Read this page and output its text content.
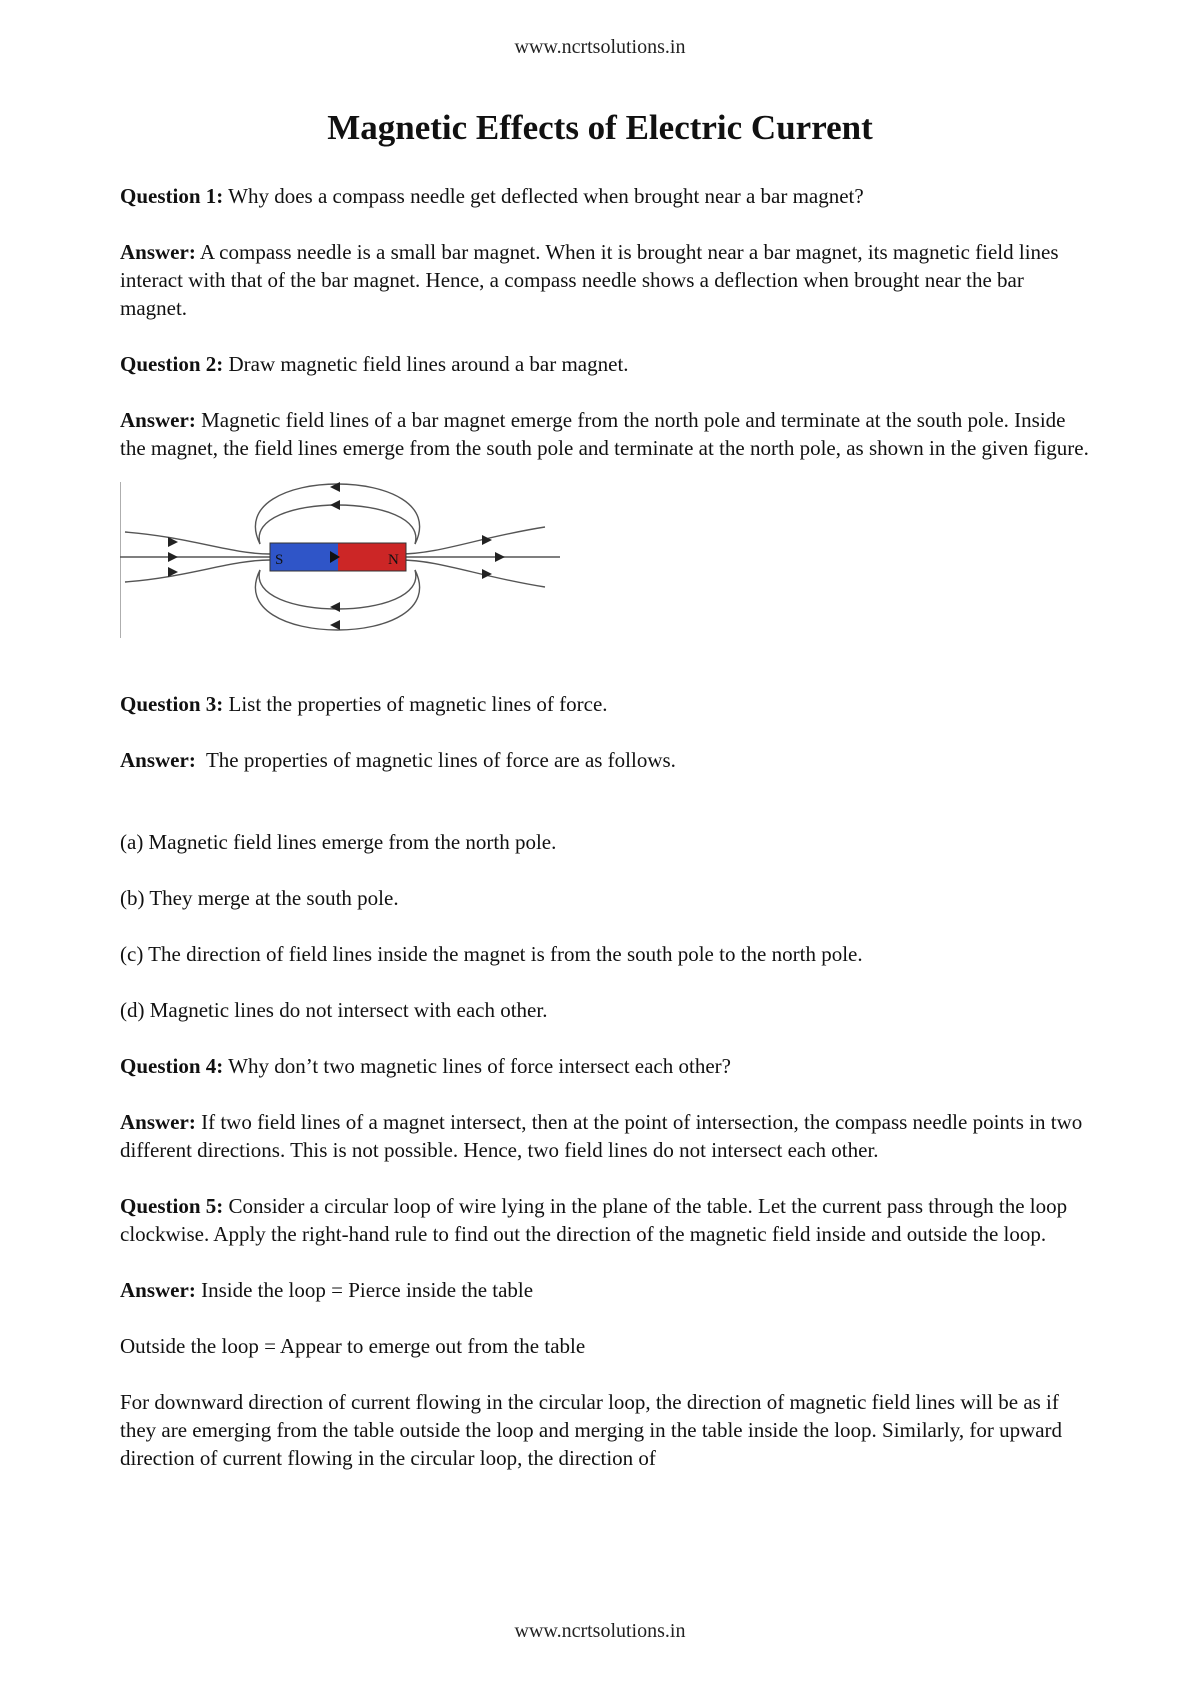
www.ncrtsolutions.in
Magnetic Effects of Electric Current

Question 1: Why does a compass needle get deflected when brought near a bar magnet?

Answer: A compass needle is a small bar magnet. When it is brought near a bar magnet, its magnetic field lines interact with that of the bar magnet. Hence, a compass needle shows a deflection when brought near the bar magnet.

Question 2: Draw magnetic field lines around a bar magnet.

Answer: Magnetic field lines of a bar magnet emerge from the north pole and terminate at the south pole. Inside the magnet, the field lines emerge from the south pole and terminate at the north pole, as shown in the given figure.

S	N

Question 3: List the properties of magnetic lines of force.

Answer:  The properties of magnetic lines of force are as follows.

(a) Magnetic field lines emerge from the north pole.

(b) They merge at the south pole.

(c) The direction of field lines inside the magnet is from the south pole to the north pole.

(d) Magnetic lines do not intersect with each other.

Question 4: Why don’t two magnetic lines of force intersect each other?

Answer: If two field lines of a magnet intersect, then at the point of intersection, the compass needle points in two different directions. This is not possible. Hence, two field lines do not intersect each other.

Question 5: Consider a circular loop of wire lying in the plane of the table. Let the current pass through the loop clockwise. Apply the right-hand rule to find out the direction of the magnetic field inside and outside the loop.

Answer: Inside the loop = Pierce inside the table

Outside the loop = Appear to emerge out from the table

For downward direction of current flowing in the circular loop, the direction of magnetic field lines will be as if they are emerging from the table outside the loop and merging in the table inside the loop. Similarly, for upward direction of current flowing in the circular loop, the direction of

www.ncrtsolutions.in
